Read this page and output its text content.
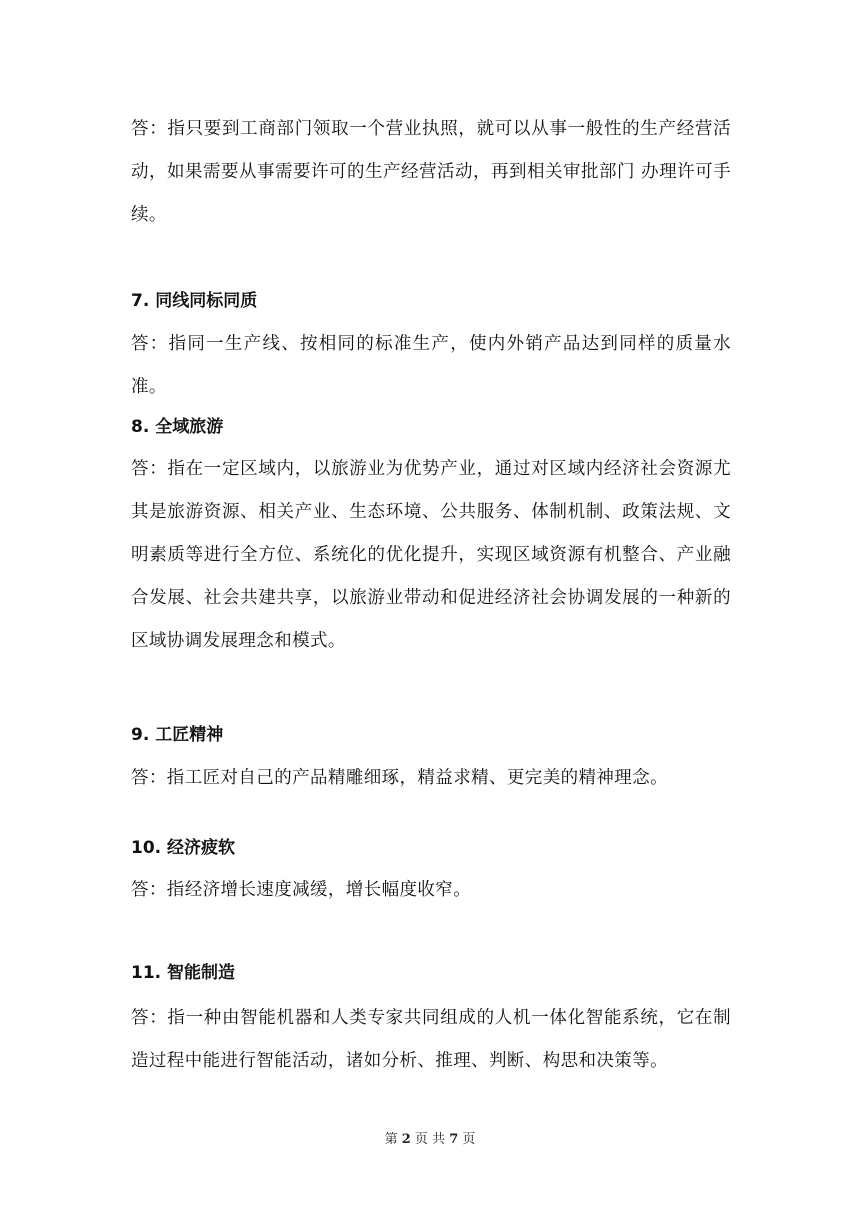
答：指只要到工商部门领取一个营业执照，就可以从事一般性的生产经营活动，如果需要从事需要许可的生产经营活动，再到相关审批部门 办理许可手续。

7. 同线同标同质

答：指同一生产线、按相同的标准生产，使内外销产品达到同样的质量水准。

8. 全域旅游

答：指在一定区域内，以旅游业为优势产业，通过对区域内经济社会资源尤其是旅游资源、相关产业、生态环境、公共服务、体制机制、政策法规、文明素质等进行全方位、系统化的优化提升，实现区域资源有机整合、产业融合发展、社会共建共享，以旅游业带动和促进经济社会协调发展的一种新的区域协调发展理念和模式。

9. 工匠精神

答：指工匠对自己的产品精雕细琢，精益求精、更完美的精神理念。

10. 经济疲软

答：指经济增长速度减缓，增长幅度收窄。

11. 智能制造

答：指一种由智能机器和人类专家共同组成的人机一体化智能系统，它在制造过程中能进行智能活动，诸如分析、推理、判断、构思和决策等。

第 2 页 共 7 页
